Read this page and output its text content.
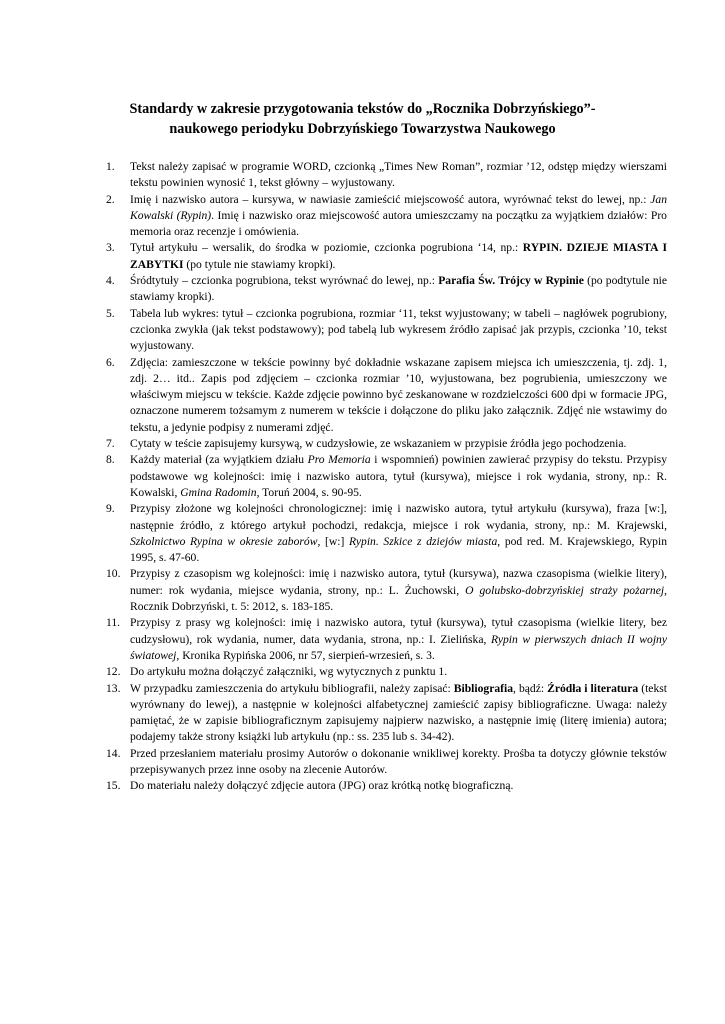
Standardy w zakresie przygotowania tekstów do „Rocznika Dobrzyńskiego”-
naukowego periodyku Dobrzyńskiego Towarzystwa Naukowego
1. Tekst należy zapisać w programie WORD, czcionką „Times New Roman”, rozmiar ’12, odstęp między wierszami tekstu powinien wynosić 1, tekst główny – wyjustowany.
2. Imię i nazwisko autora – kursywa, w nawiasie zamieścić miejscowość autora, wyrównać tekst do lewej, np.: Jan Kowalski (Rypin). Imię i nazwisko oraz miejscowość autora umieszczamy na początku za wyjątkiem działów: Pro memoria oraz recenzje i omówienia.
3. Tytuł artykułu – wersalik, do środka w poziomie, czcionka pogrubiona ‘14, np.: RYPIN. DZIEJE MIASTA I ZABYTKI (po tytule nie stawiamy kropki).
4. Śródtytuły – czcionka pogrubiona, tekst wyrównać do lewej, np.: Parafia Św. Trójcy w Rypinie (po podtytule nie stawiamy kropki).
5. Tabela lub wykres: tytuł – czcionka pogrubiona, rozmiar ‘11, tekst wyjustowany; w tabeli – nagłówek pogrubiony, czcionka zwykła (jak tekst podstawowy); pod tabelą lub wykresem źródło zapisać jak przypis, czcionka ’10, tekst wyjustowany.
6. Zdjęcia: zamieszczone w tekście powinny być dokładnie wskazane zapisem miejsca ich umieszczenia, tj. zdj. 1, zdj. 2… itd.. Zapis pod zdjęciem – czcionka rozmiar ’10, wyjustowana, bez pogrubienia, umieszczony we właściwym miejscu w tekście. Każde zdjęcie powinno być zeskanowane w rozdzielczości 600 dpi w formacie JPG, oznaczone numerem tożsamym z numerem w tekście i dołączone do pliku jako załącznik. Zdjęć nie wstawimy do tekstu, a jedynie podpisy z numerami zdjęć.
7. Cytaty w teście zapisujemy kursywą, w cudzysłowie, ze wskazaniem w przypisie źródła jego pochodzenia.
8. Każdy materiał (za wyjątkiem działu Pro Memoria i wspomnień) powinien zawierać przypisy do tekstu. Przypisy podstawowe wg kolejności: imię i nazwisko autora, tytuł (kursywa), miejsce i rok wydania, strony, np.: R. Kowalski, Gmina Radomin, Toruń 2004, s. 90-95.
9. Przypisy złożone wg kolejności chronologicznej: imię i nazwisko autora, tytuł artykułu (kursywa), fraza [w:], następnie źródło, z którego artykuł pochodzi, redakcja, miejsce i rok wydania, strony, np.: M. Krajewski, Szkolnictwo Rypina w okresie zaborów, [w:] Rypin. Szkice z dziejów miasta, pod red. M. Krajewskiego, Rypin 1995, s. 47-60.
10. Przypisy z czasopism wg kolejności: imię i nazwisko autora, tytuł (kursywa), nazwa czasopisma (wielkie litery), numer: rok wydania, miejsce wydania, strony, np.: L. Żuchowski, O golubsko-dobrzyńskiej straży pożarnej, Rocznik Dobrzyński, t. 5: 2012, s. 183-185.
11. Przypisy z prasy wg kolejności: imię i nazwisko autora, tytuł (kursywa), tytuł czasopisma (wielkie litery, bez cudzysłowu), rok wydania, numer, data wydania, strona, np.: I. Zielińska, Rypin w pierwszych dniach II wojny światowej, Kronika Rypińska 2006, nr 57, sierpień-wrzesień, s. 3.
12. Do artykułu można dołączyć załączniki, wg wytycznych z punktu 1.
13. W przypadku zamieszczenia do artykułu bibliografii, należy zapisać: Bibliografia, bądź: Źródła i literatura (tekst wyrównany do lewej), a następnie w kolejności alfabetycznej zamieścić zapisy bibliograficzne. Uwaga: należy pamiętać, że w zapisie bibliograficznym zapisujemy najpierw nazwisko, a następnie imię (literę imienia) autora; podajemy także strony książki lub artykułu (np.: ss. 235 lub s. 34-42).
14. Przed przesłaniem materiału prosimy Autorów o dokonanie wnikliwej korekty. Prośba ta dotyczy głównie tekstów przepisywanych przez inne osoby na zlecenie Autorów.
15. Do materiału należy dołączyć zdjęcie autora (JPG) oraz krótką notkę biograficzną.
